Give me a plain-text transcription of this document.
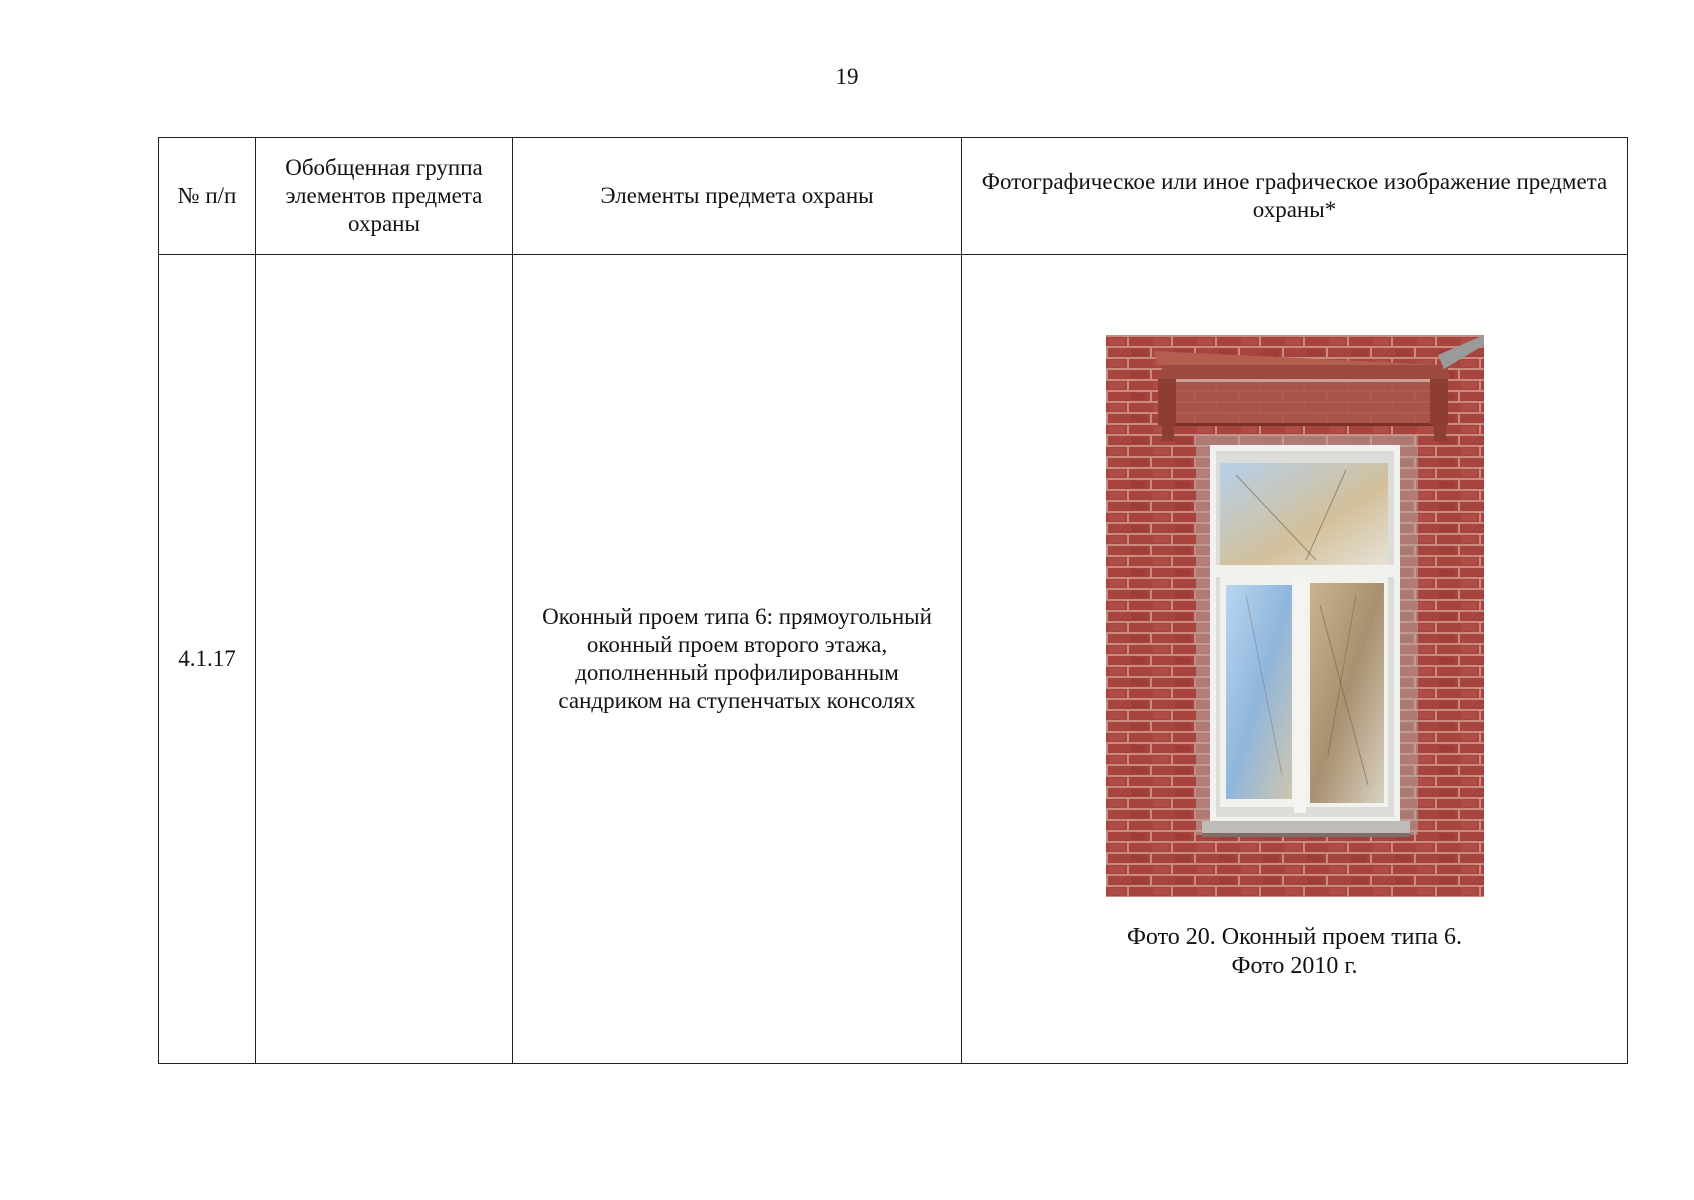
19
№ п/п	Обобщенная группа элементов предмета охраны	Элементы предмета охраны	Фотографическое или иное графическое изображение предмета охраны*
4.1.17		Оконный проем типа 6: прямоугольный оконный проем второго этажа, дополненный профилированным сандриком на ступенчатых консолях	Фото 20. Оконный проем типа 6.
Фото 2010 г.
